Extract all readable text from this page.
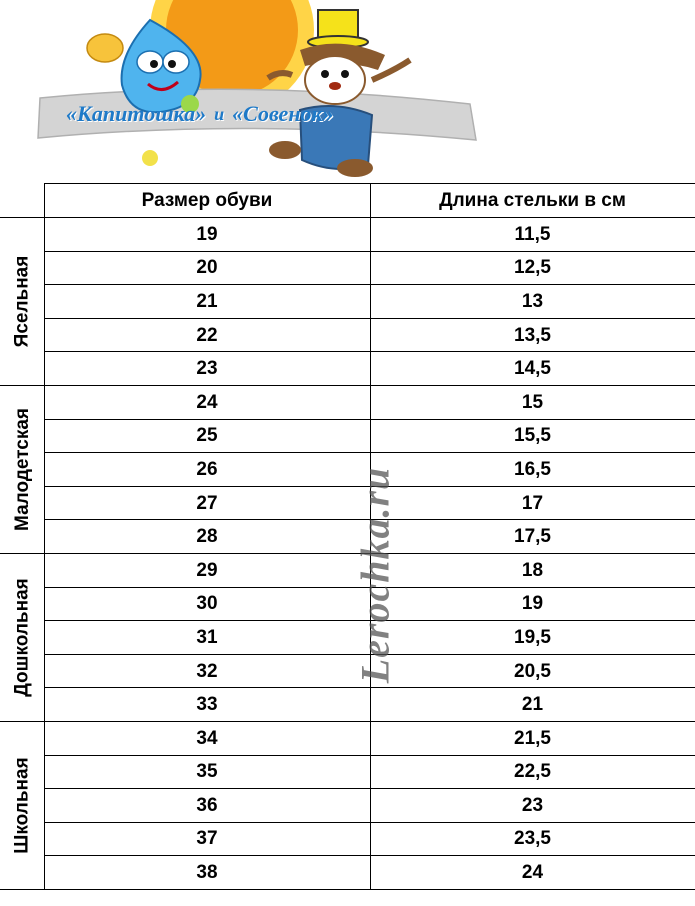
«Капитошка» и «Совенок»
	Размер обуви	Длина стельки в см

Ясельная	19	11,5
	20	12,5
	21	13
	22	13,5
	23	14,5

Малодетская	24	15
	25	15,5
	26	16,5
	27	17
	28	17,5

Дошкольная	29	18
	30	19
	31	19,5
	32	20,5
	33	21

Школьная	34	21,5
	35	22,5
	36	23
	37	23,5
	38	24
Lerochka.ru
